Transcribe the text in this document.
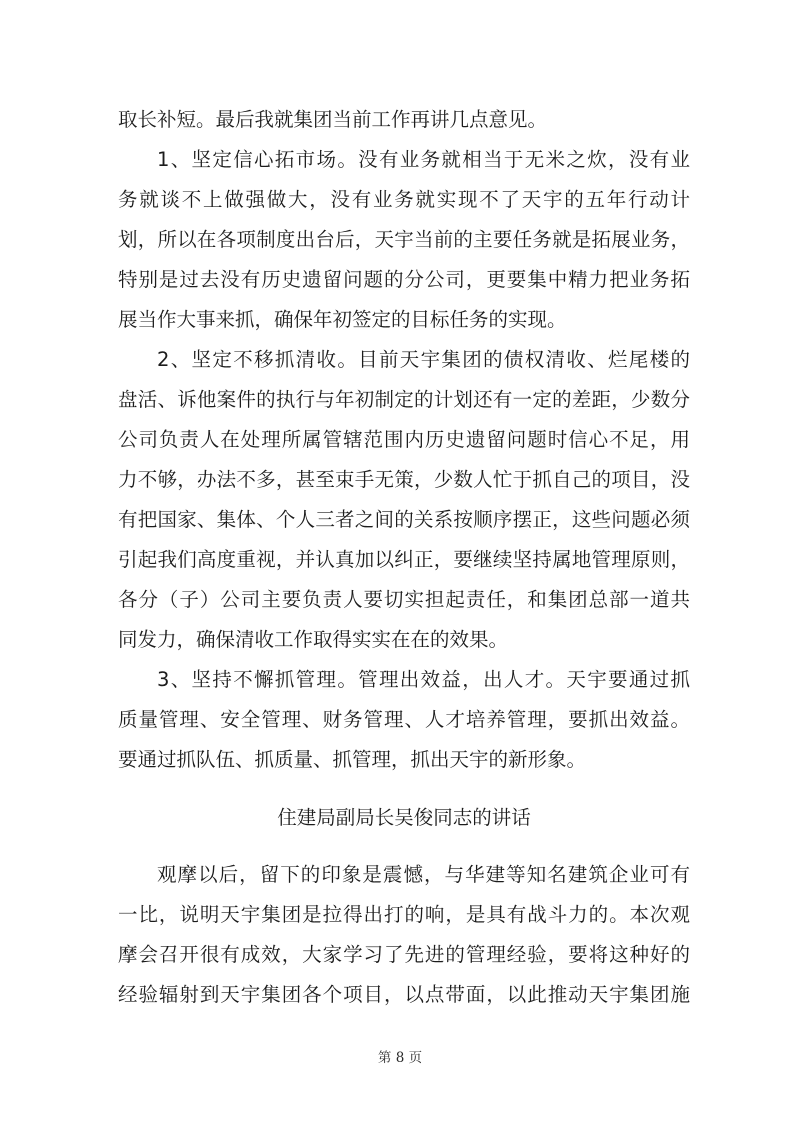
取长补短。最后我就集团当前工作再讲几点意见。
1、坚定信心拓市场。没有业务就相当于无米之炊，没有业
务就谈不上做强做大，没有业务就实现不了天宇的五年行动计
划，所以在各项制度出台后，天宇当前的主要任务就是拓展业务，
特别是过去没有历史遗留问题的分公司，更要集中精力把业务拓
展当作大事来抓，确保年初签定的目标任务的实现。
2、坚定不移抓清收。目前天宇集团的债权清收、烂尾楼的
盘活、诉他案件的执行与年初制定的计划还有一定的差距，少数分
公司负责人在处理所属管辖范围内历史遗留问题时信心不足，用
力不够，办法不多，甚至束手无策，少数人忙于抓自己的项目，没
有把国家、集体、个人三者之间的关系按顺序摆正，这些问题必须
引起我们高度重视，并认真加以纠正，要继续坚持属地管理原则，
各分（子）公司主要负责人要切实担起责任，和集团总部一道共
同发力，确保清收工作取得实实在在的效果。
3、坚持不懈抓管理。管理出效益，出人才。天宇要通过抓
质量管理、安全管理、财务管理、人才培养管理，要抓出效益。
要通过抓队伍、抓质量、抓管理，抓出天宇的新形象。
住建局副局长吴俊同志的讲话
观摩以后，留下的印象是震憾，与华建等知名建筑企业可有
一比，说明天宇集团是拉得出打的响，是具有战斗力的。本次观
摩会召开很有成效，大家学习了先进的管理经验，要将这种好的
经验辐射到天宇集团各个项目，以点带面，以此推动天宇集团施
第 8 页
